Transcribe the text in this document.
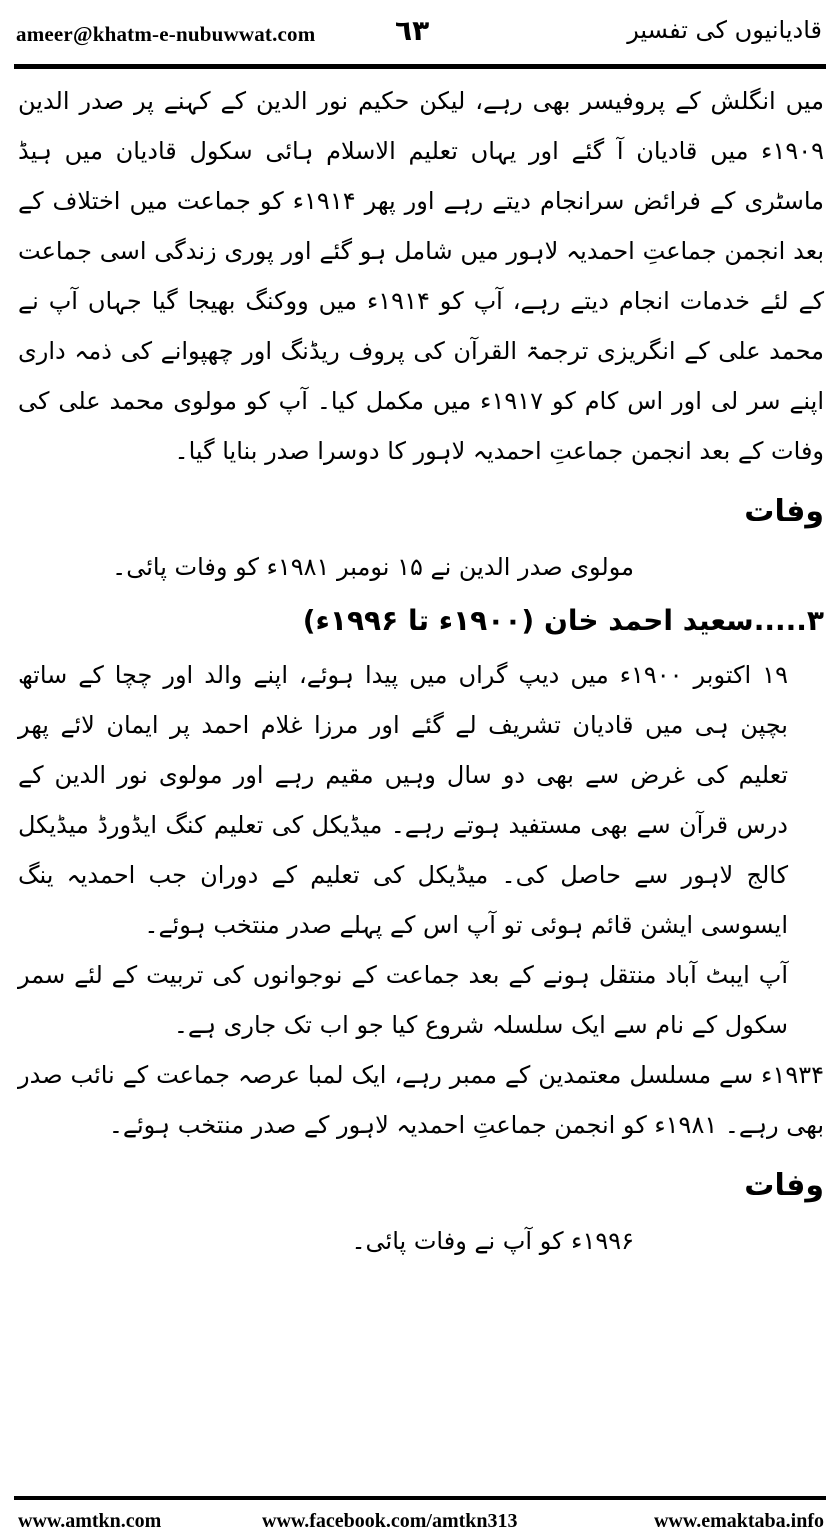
ameer@khatm-e-nubuwwat.com	٦٣	قادیانیوں کی تفسیر

میں انگلش کے پروفیسر بھی رہے، لیکن حکیم نور الدین کے کہنے پر صدر الدین ۱۹۰۹ء میں قادیان آ گئے اور یہاں تعلیم الاسلام ہائی سکول قادیان میں ہیڈ ماسٹری کے فرائض سرانجام دیتے رہے اور پھر ۱۹۱۴ء کو جماعت میں اختلاف کے بعد انجمن جماعتِ احمدیہ لاہور میں شامل ہو گئے اور پوری زندگی اسی جماعت کے لئے خدمات انجام دیتے رہے، آپ کو ۱۹۱۴ء میں ووکنگ بھیجا گیا جہاں آپ نے محمد علی کے انگریزی ترجمۃ القرآن کی پروف ریڈنگ اور چھپوانے کی ذمہ داری اپنے سر لی اور اس کام کو ۱۹۱۷ء میں مکمل کیا۔ آپ کو مولوی محمد علی کی وفات کے بعد انجمن جماعتِ احمدیہ لاہور کا دوسرا صدر بنایا گیا۔

وفات

مولوی صدر الدین نے ۱۵ نومبر ۱۹۸۱ء کو وفات پائی۔

۳.....سعید احمد خان (۱۹۰۰ء تا ۱۹۹۶ء)

۱۹ اکتوبر ۱۹۰۰ء میں دیپ گراں میں پیدا ہوئے، اپنے والد اور چچا کے ساتھ بچپن ہی میں قادیان تشریف لے گئے اور مرزا غلام احمد پر ایمان لائے پھر تعلیم کی غرض سے بھی دو سال وہیں مقیم رہے اور مولوی نور الدین کے درس قرآن سے بھی مستفید ہوتے رہے۔ میڈیکل کی تعلیم کنگ ایڈورڈ میڈیکل کالج لاہور سے حاصل کی۔ میڈیکل کی تعلیم کے دوران جب احمدیہ ینگ ایسوسی ایشن قائم ہوئی تو آپ اس کے پہلے صدر منتخب ہوئے۔

آپ ایبٹ آباد منتقل ہونے کے بعد جماعت کے نوجوانوں کی تربیت کے لئے سمر سکول کے نام سے ایک سلسلہ شروع کیا جو اب تک جاری ہے۔

۱۹۳۴ء سے مسلسل معتمدین کے ممبر رہے، ایک لمبا عرصہ جماعت کے نائب صدر بھی رہے۔ ۱۹۸۱ء کو انجمن جماعتِ احمدیہ لاہور کے صدر منتخب ہوئے۔

وفات

۱۹۹۶ء کو آپ نے وفات پائی۔

www.amtkn.com	www.facebook.com/amtkn313	www.emaktaba.info
